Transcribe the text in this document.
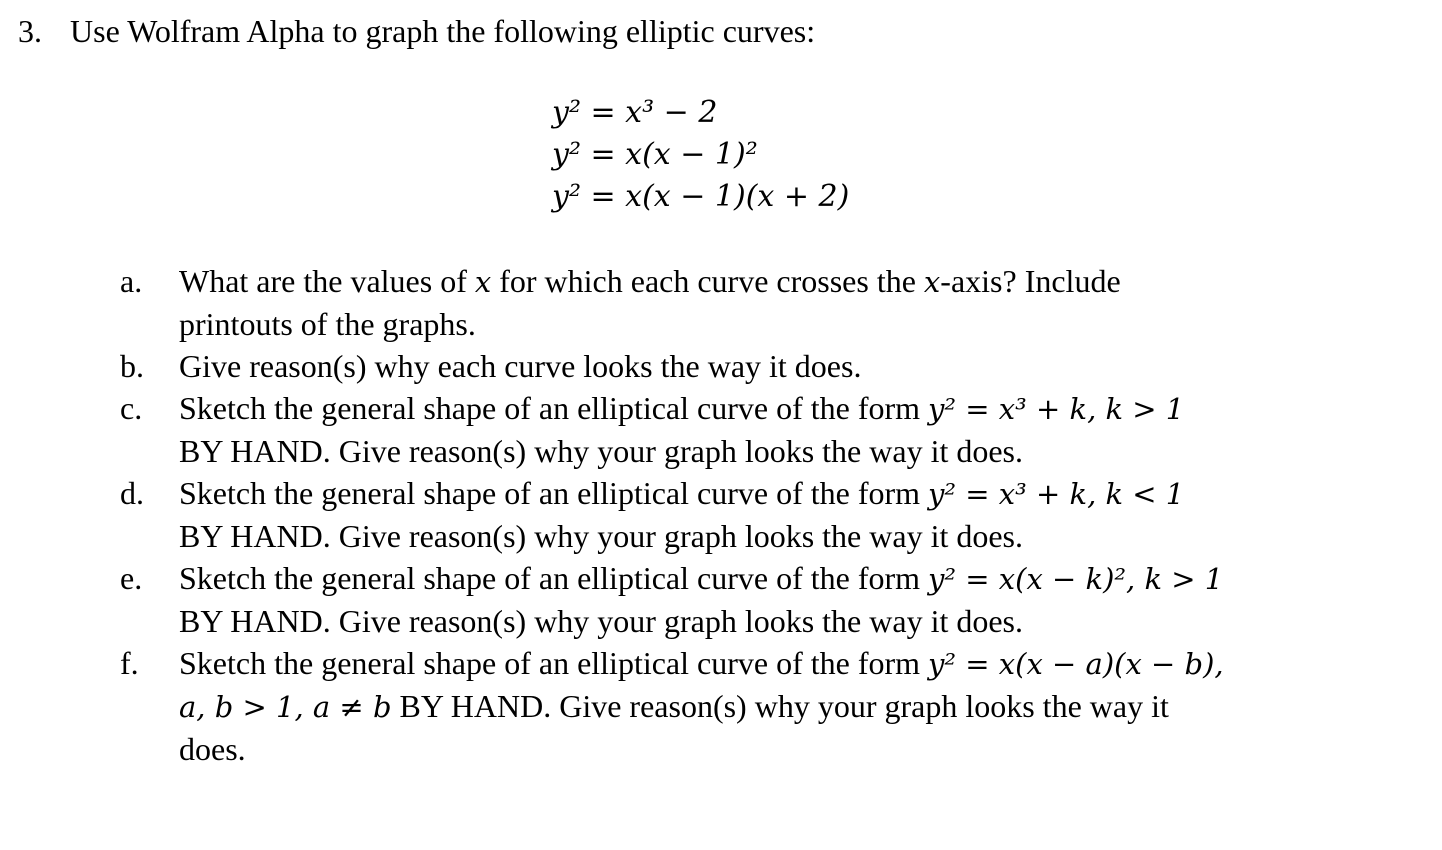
3. Use Wolfram Alpha to graph the following elliptic curves:
y² = x³ − 2
y² = x(x − 1)²
y² = x(x − 1)(x + 2)
a.	What are the values of x for which each curve crosses the x-axis? Include
printouts of the graphs.
b.	Give reason(s) why each curve looks the way it does.
c.	Sketch the general shape of an elliptical curve of the form y² = x³ + k, k > 1
BY HAND. Give reason(s) why your graph looks the way it does.
d.	Sketch the general shape of an elliptical curve of the form y² = x³ + k, k < 1
BY HAND. Give reason(s) why your graph looks the way it does.
e.	Sketch the general shape of an elliptical curve of the form y² = x(x − k)², k > 1
BY HAND. Give reason(s) why your graph looks the way it does.
f.	Sketch the general shape of an elliptical curve of the form y² = x(x − a)(x − b),
a, b > 1, a ≠ b BY HAND. Give reason(s) why your graph looks the way it
does.
